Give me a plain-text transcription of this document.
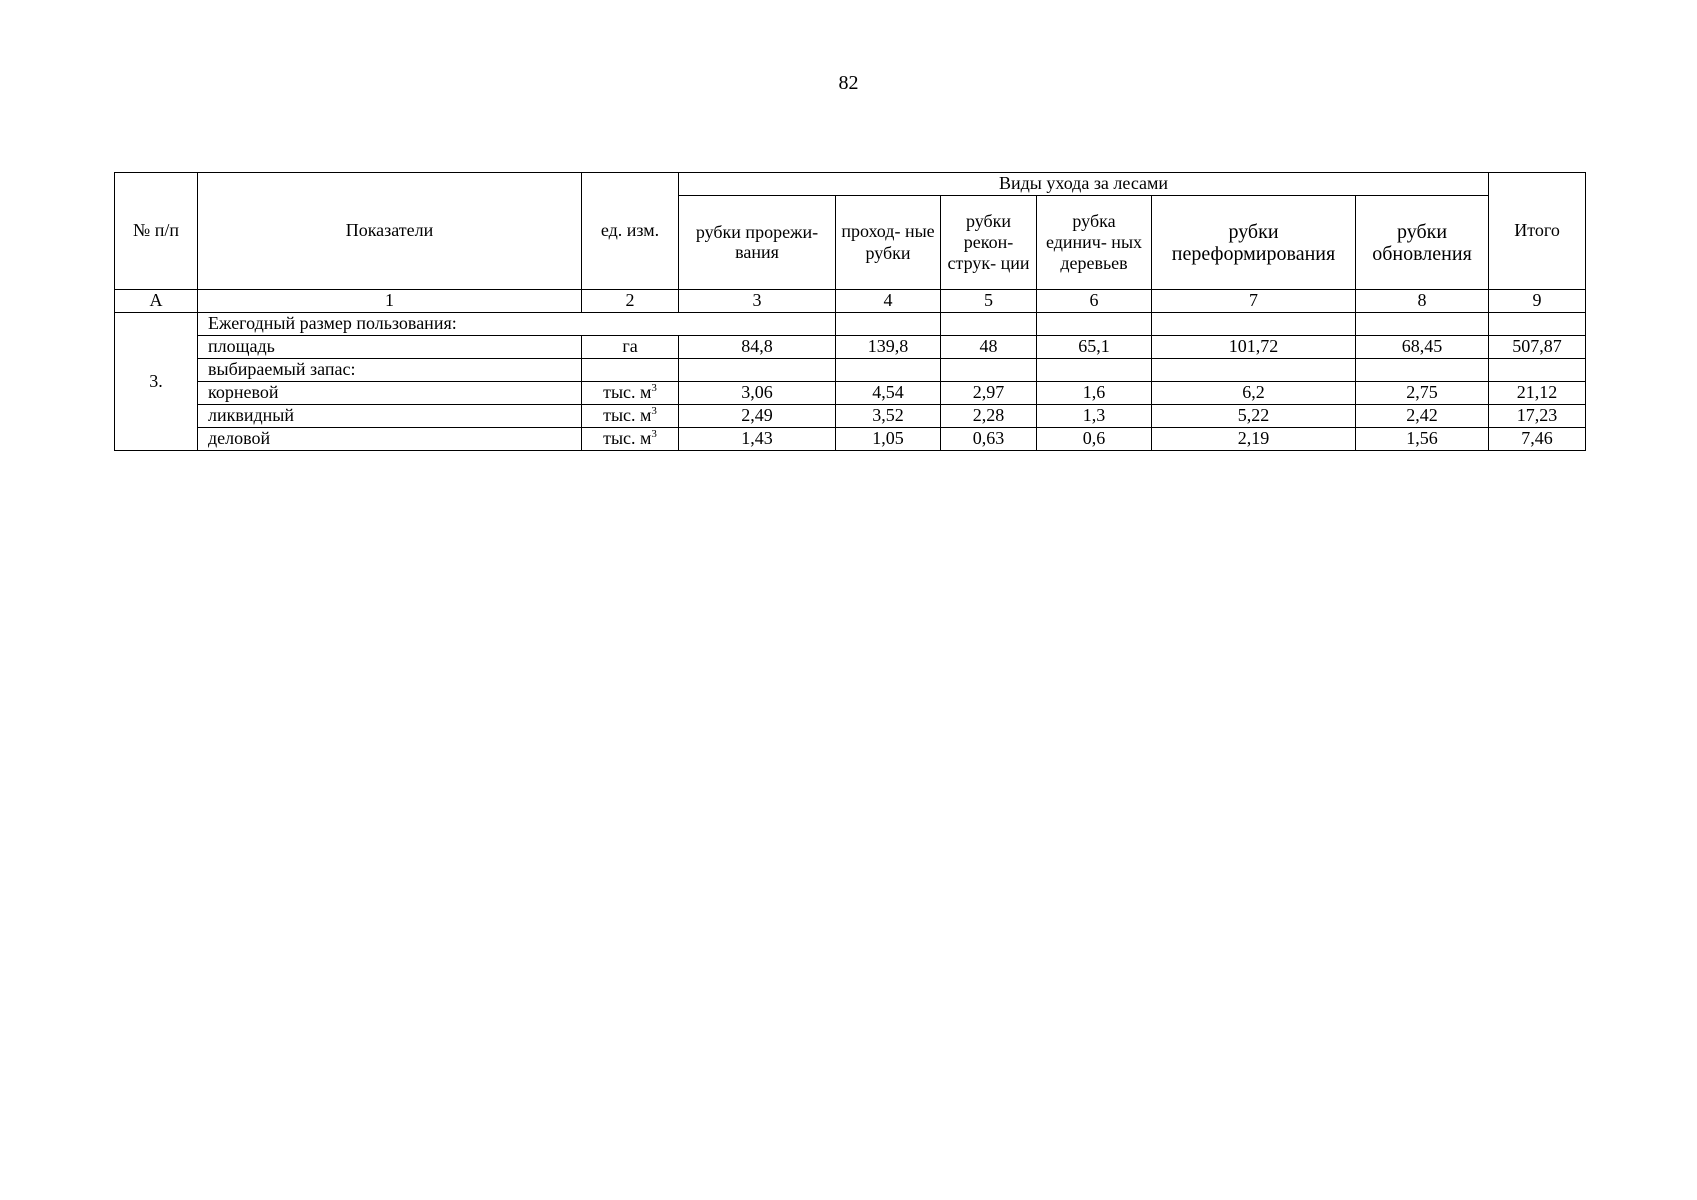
82
№ п/п	Показатели	ед. изм.	Виды ухода за лесами						Итого
			рубки прорежи-вания	проход- ные рубки	рубки рекон- струк- ции	рубка единич- ных деревьев	рубки переформирования	рубки обновления	
А	1	2	3	4	5	6	7	8	9
3.	Ежегодный размер пользования:								
	площадь	га	84,8	139,8	48	65,1	101,72	68,45	507,87
	выбираемый запас:								
	корневой	тыс. $м^3$	3,06	4,54	2,97	1,6	6,2	2,75	21,12
	ликвидный	тыс. $м^3$	2,49	3,52	2,28	1,3	5,22	2,42	17,23
	деловой	тыс. $м^3$	1,43	1,05	0,63	0,6	2,19	1,56	7,46
